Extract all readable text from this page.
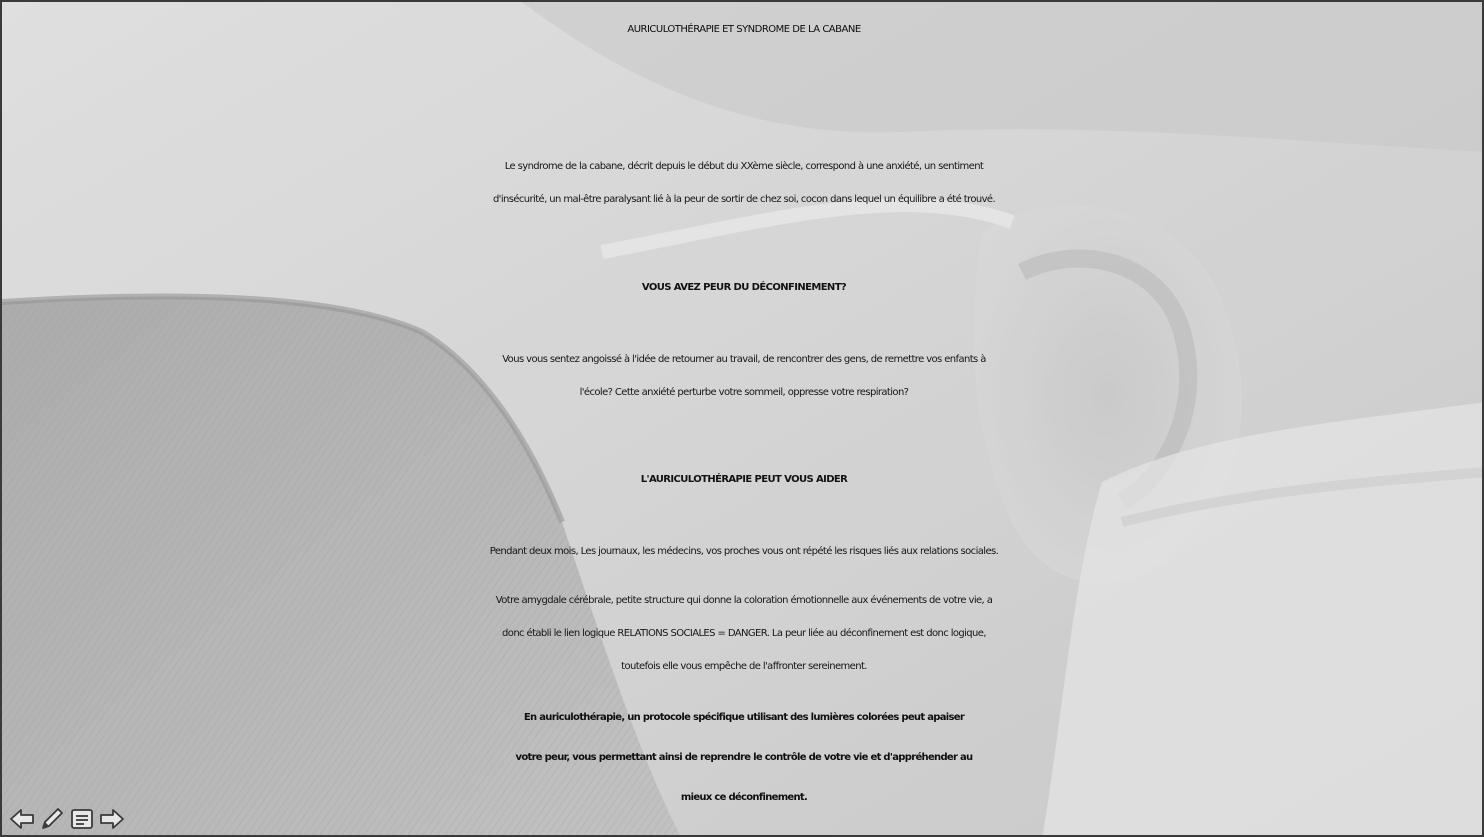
AURICULOTHÉRAPIE ET SYNDROME DE LA CABANE
Le syndrome de la cabane, décrit depuis le début du XXème siècle, correspond à une anxiété, un sentiment
d'insécurité, un mal-être paralysant lié à la peur de sortir de chez soi, cocon dans lequel un équilibre a été trouvé.
VOUS AVEZ PEUR DU DÉCONFINEMENT?
Vous vous sentez angoissé à l'idée de retourner au travail, de rencontrer des gens, de remettre vos enfants à
l'école? Cette anxiété perturbe votre sommeil, oppresse votre respiration?
L'AURICULOTHÉRAPIE PEUT VOUS AIDER
Pendant deux mois, Les journaux, les médecins, vos proches vous ont répété les risques liés aux relations sociales.
Votre amygdale cérébrale, petite structure qui donne la coloration émotionnelle aux événements de votre vie, a
donc établi le lien logique RELATIONS SOCIALES = DANGER. La peur liée au déconfinement est donc logique,
toutefois elle vous empêche de l'affronter sereinement.
En auriculothérapie, un protocole spécifique utilisant des lumières colorées peut apaiser
votre peur, vous permettant ainsi de reprendre le contrôle de votre vie et d'appréhender au
mieux ce déconfinement.
